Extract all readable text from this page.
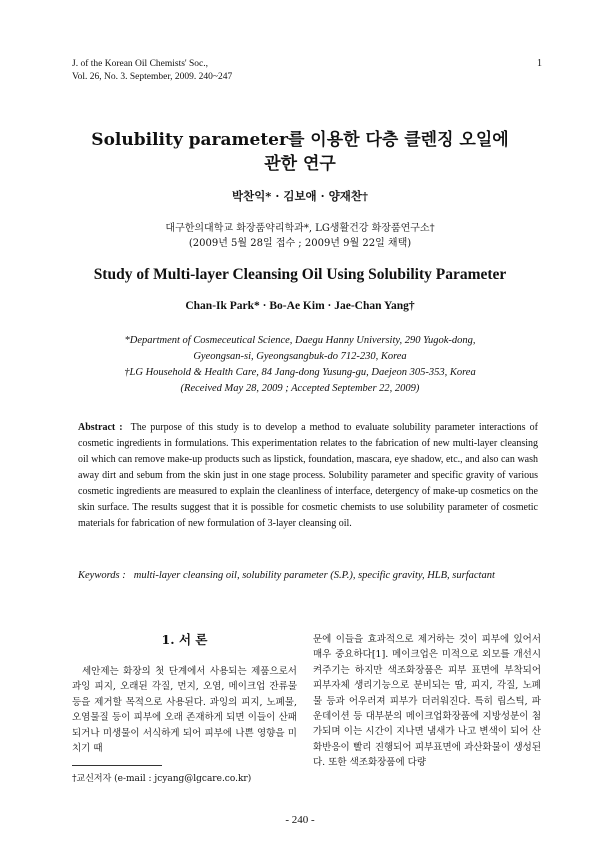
J. of the Korean Oil Chemists' Soc.,
Vol. 26, No. 3. September, 2009. 240~247
1
Solubility parameter를 이용한 다층 클렌징 오일에
관한 연구
박찬익* · 김보애 · 양재찬†
대구한의대학교 화장품약리학과*, LG생활건강 화장품연구소†
(2009년 5월 28일 접수 ; 2009년 9월 22일 채택)
Study of Multi-layer Cleansing Oil Using Solubility Parameter
Chan-Ik Park* · Bo-Ae Kim · Jae-Chan Yang†
*Department of Cosmeceutical Science, Daegu Hanny University, 290 Yugok-dong,
Gyeongsan-si, Gyeongsangbuk-do 712-230, Korea
†LG Household & Health Care, 84 Jang-dong Yusung-gu, Daejeon 305-353, Korea
(Received May 28, 2009 ; Accepted September 22, 2009)
Abstract : The purpose of this study is to develop a method to evaluate solubility parameter interactions of cosmetic ingredients in formulations. This experimentation relates to the fabrication of new multi-layer cleansing oil which can remove make-up products such as lipstick, foundation, mascara, eye shadow, etc., and also can wash away dirt and sebum from the skin just in one stage process. Solubility parameter and specific gravity of various cosmetic ingredients are measured to explain the cleanliness of interface, detergency of make-up cosmetics on the skin surface. The results suggest that it is possible for cosmetic chemists to use solubility parameter of cosmetic materials for fabrication of new formulation of 3-layer cleansing oil.
Keywords : multi-layer cleansing oil, solubility parameter (S.P.), specific gravity, HLB, surfactant
1. 서 론
세안제는 화장의 첫 단계에서 사용되는 제품으로서 과잉 피지, 오래된 각질, 먼지, 오염, 메이크업 잔류물 등을 제거할 목적으로 사용된다. 과잉의 피지, 노폐물, 오염물질 등이 피부에 오래 존재하게 되면 이들이 산패되거나 미생물이 서식하게 되어 피부에 나쁜 영향을 미치기 때
문에 이들을 효과적으로 제거하는 것이 피부에 있어서 매우 중요하다[1]. 메이크업은 미적으로 외모를 개선시켜주기는 하지만 색조화장품은 피부 표면에 부착되어 피부자체 생리기능으로 분비되는 땀, 피지, 각질, 노폐물 등과 어우러져 피부가 더러워진다. 특히 립스틱, 파운데이션 등 대부분의 메이크업화장품에 지방성분이 첨가되며 이는 시간이 지나면 냄새가 나고 변색이 되어 산화반응이 빨리 진행되어 피부표면에 과산화물이 생성된다. 또한 색조화장품에 다량
†교신저자 (e-mail : jcyang@lgcare.co.kr)
- 240 -
